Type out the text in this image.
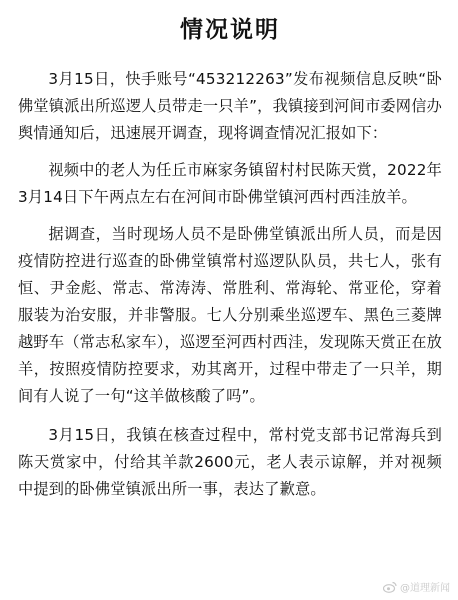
情况说明

3月15日，快手账号“453212263”发布视频信息反映“卧佛堂镇派出所巡逻人员带走一只羊”，我镇接到河间市委网信办舆情通知后，迅速展开调查，现将调查情况汇报如下：

视频中的老人为任丘市麻家务镇留村村民陈天赏，2022年3月14日下午两点左右在河间市卧佛堂镇河西村西洼放羊。

据调查，当时现场人员不是卧佛堂镇派出所人员，而是因疫情防控进行巡查的卧佛堂镇常村巡逻队队员，共七人，张有恒、尹金彪、常志、常涛涛、常胜利、常海轮、常亚伦，穿着服装为治安服，并非警服。七人分别乘坐巡逻车、黑色三菱牌越野车（常志私家车），巡逻至河西村西洼，发现陈天赏正在放羊，按照疫情防控要求，劝其离开，过程中带走了一只羊，期间有人说了一句“这羊做核酸了吗”。

3月15日，我镇在核查过程中，常村党支部书记常海兵到陈天赏家中，付给其羊款2600元，老人表示谅解，并对视频中提到的卧佛堂镇派出所一事，表达了歉意。

@道理新闻
